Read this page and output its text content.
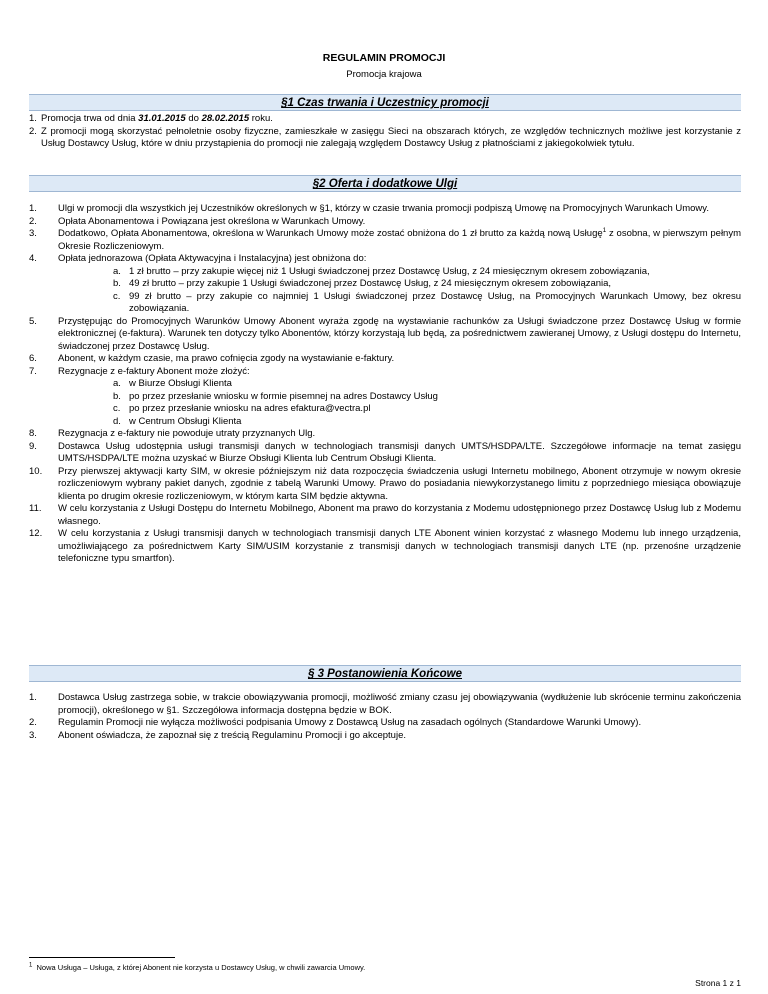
REGULAMIN PROMOCJI
Promocja krajowa
§1 Czas trwania i Uczestnicy promocji
1. Promocja trwa od dnia 31.01.2015 do 28.02.2015 roku.
2. Z promocji mogą skorzystać pełnoletnie osoby fizyczne, zamieszkałe w zasięgu Sieci na obszarach których, ze względów technicznych możliwe jest korzystanie z Usług Dostawcy Usług, które w dniu przystąpienia do promocji nie zalegają względem Dostawcy Usług z płatnościami z jakiegokolwiek tytułu.
§2 Oferta i dodatkowe Ulgi
1. Ulgi w promocji dla wszystkich jej Uczestników określonych w §1, którzy w czasie trwania promocji podpiszą Umowę na Promocyjnych Warunkach Umowy.
2. Opłata Abonamentowa i Powiązana jest określona w Warunkach Umowy.
3. Dodatkowo, Opłata Abonamentowa, określona w Warunkach Umowy może zostać obniżona do 1 zł brutto za każdą nową Usługę$^1$ z osobna, w pierwszym pełnym Okresie Rozliczeniowym.
4. Opłata jednorazowa (Opłata Aktywacyjna i Instalacyjna) jest obniżona do:
a. 1 zł brutto – przy zakupie więcej niż 1 Usługi świadczonej przez Dostawcę Usług, z 24 miesięcznym okresem zobowiązania,
b. 49 zł brutto – przy zakupie 1 Usługi świadczonej przez Dostawcę Usług, z 24 miesięcznym okresem zobowiązania,
c. 99 zł brutto – przy zakupie co najmniej 1 Usługi świadczonej przez Dostawcę Usług, na Promocyjnych Warunkach Umowy, bez okresu zobowiązania.
5. Przystępując do Promocyjnych Warunków Umowy Abonent wyraża zgodę na wystawianie rachunków za Usługi świadczone przez Dostawcę Usług w formie elektronicznej (e-faktura). Warunek ten dotyczy tylko Abonentów, którzy korzystają lub będą, za pośrednictwem zawieranej Umowy, z Usługi dostępu do Internetu, świadczonej przez Dostawcę Usług.
6. Abonent, w każdym czasie, ma prawo cofnięcia zgody na wystawianie e-faktury.
7. Rezygnacje z e-faktury Abonent może złożyć:
a. w Biurze Obsługi Klienta
b. po przez przesłanie wniosku w formie pisemnej na adres Dostawcy Usług
c. po przez przesłanie wniosku na adres efaktura@vectra.pl
d. w Centrum Obsługi Klienta
8. Rezygnacja z e-faktury nie powoduje utraty przyznanych Ulg.
9. Dostawca Usług udostępnia usługi transmisji danych w technologiach transmisji danych UMTS/HSDPA/LTE. Szczegółowe informacje na temat zasięgu UMTS/HSDPA/LTE można uzyskać w Biurze Obsługi Klienta lub Centrum Obsługi Klienta.
10. Przy pierwszej aktywacji karty SIM, w okresie późniejszym niż data rozpoczęcia świadczenia usługi Internetu mobilnego, Abonent otrzymuje w nowym okresie rozliczeniowym wybrany pakiet danych, zgodnie z tabelą Warunki Umowy. Prawo do posiadania niewykorzystanego limitu z poprzedniego miesiąca obowiązuje klienta po drugim okresie rozliczeniowym, w którym karta SIM będzie aktywna.
11. W celu korzystania z Usługi Dostępu do Internetu Mobilnego, Abonent ma prawo do korzystania z Modemu udostępnionego przez Dostawcę Usług lub z Modemu własnego.
12. W celu korzystania z Usługi transmisji danych w technologiach transmisji danych LTE Abonent winien korzystać z własnego Modemu lub innego urządzenia, umożliwiającego za pośrednictwem Karty SIM/USIM korzystanie z transmisji danych w technologiach transmisji danych LTE (np. przenośne urządzenie telefoniczne typu smartfon).
§ 3 Postanowienia Końcowe
1. Dostawca Usług zastrzega sobie, w trakcie obowiązywania promocji, możliwość zmiany czasu jej obowiązywania (wydłużenie lub skrócenie terminu zakończenia promocji), określonego w §1. Szczegółowa informacja dostępna będzie w BOK.
2. Regulamin Promocji nie wyłącza możliwości podpisania Umowy z Dostawcą Usług na zasadach ogólnych (Standardowe Warunki Umowy).
3. Abonent oświadcza, że zapoznał się z treścią Regulaminu Promocji i go akceptuje.
$^1$ Nowa Usługa – Usługa, z której Abonent nie korzysta u Dostawcy Usług, w chwili zawarcia Umowy.
Strona 1 z 1
